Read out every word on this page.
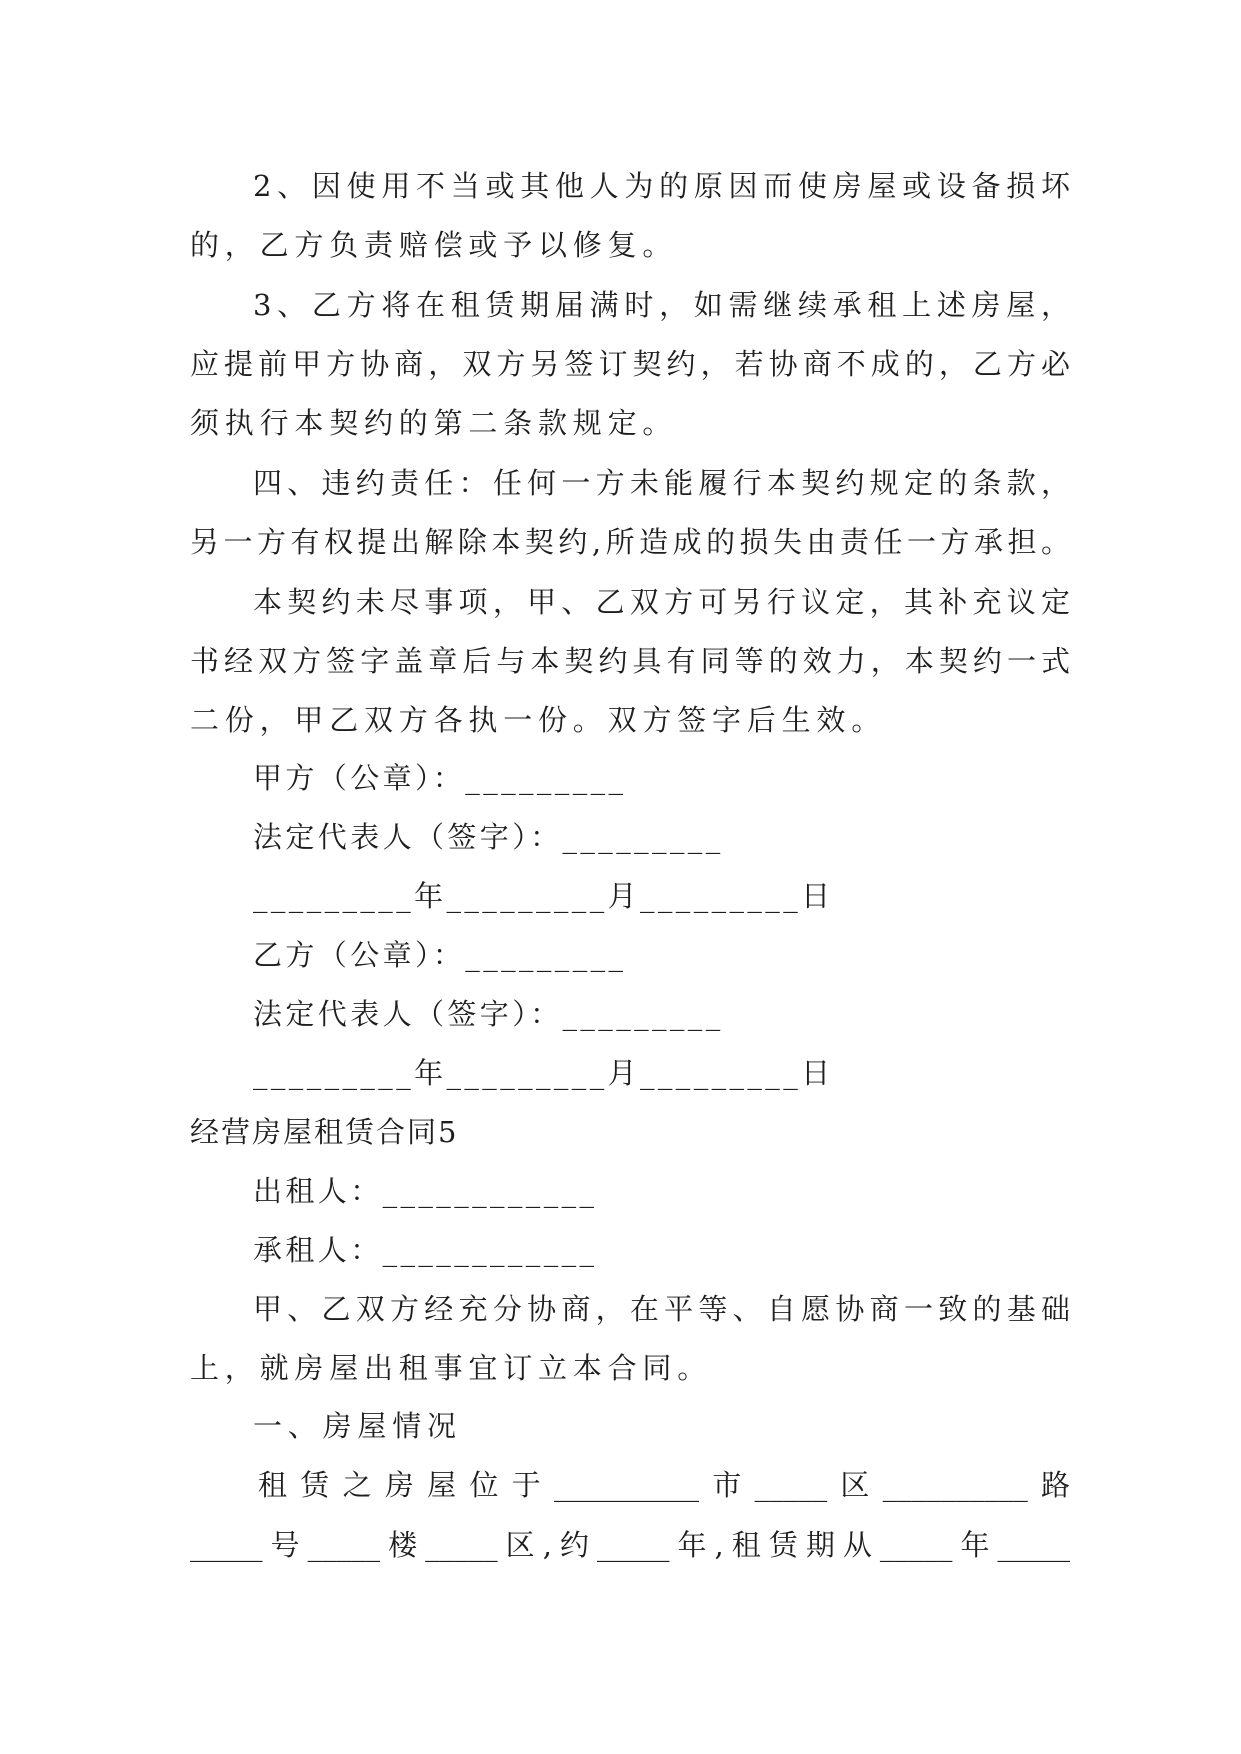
2、因使用不当或其他人为的原因而使房屋或设备损坏
的，乙方负责赔偿或予以修复。
3、乙方将在租赁期届满时，如需继续承租上述房屋，
应提前甲方协商，双方另签订契约，若协商不成的，乙方必
须执行本契约的第二条款规定。
四、违约责任：任何一方未能履行本契约规定的条款，
另一方有权提出解除本契约,所造成的损失由责任一方承担。
本契约未尽事项，甲、乙双方可另行议定，其补充议定
书经双方签字盖章后与本契约具有同等的效力，本契约一式
二份，甲乙双方各执一份。双方签字后生效。
甲方（公章）：_________
法定代表人（签字）：_________
_________年_________月_________日
乙方（公章）：_________
法定代表人（签字）：_________
_________年_________月_________日
经营房屋租赁合同5
出租人：____________
承租人：____________
甲、乙双方经充分协商，在平等、自愿协商一致的基础
上，就房屋出租事宜订立本合同。
一、房屋情况
租赁之房屋位于__________市_____区__________路
_____号_____楼_____区,约_____年,租赁期从_____年_____
